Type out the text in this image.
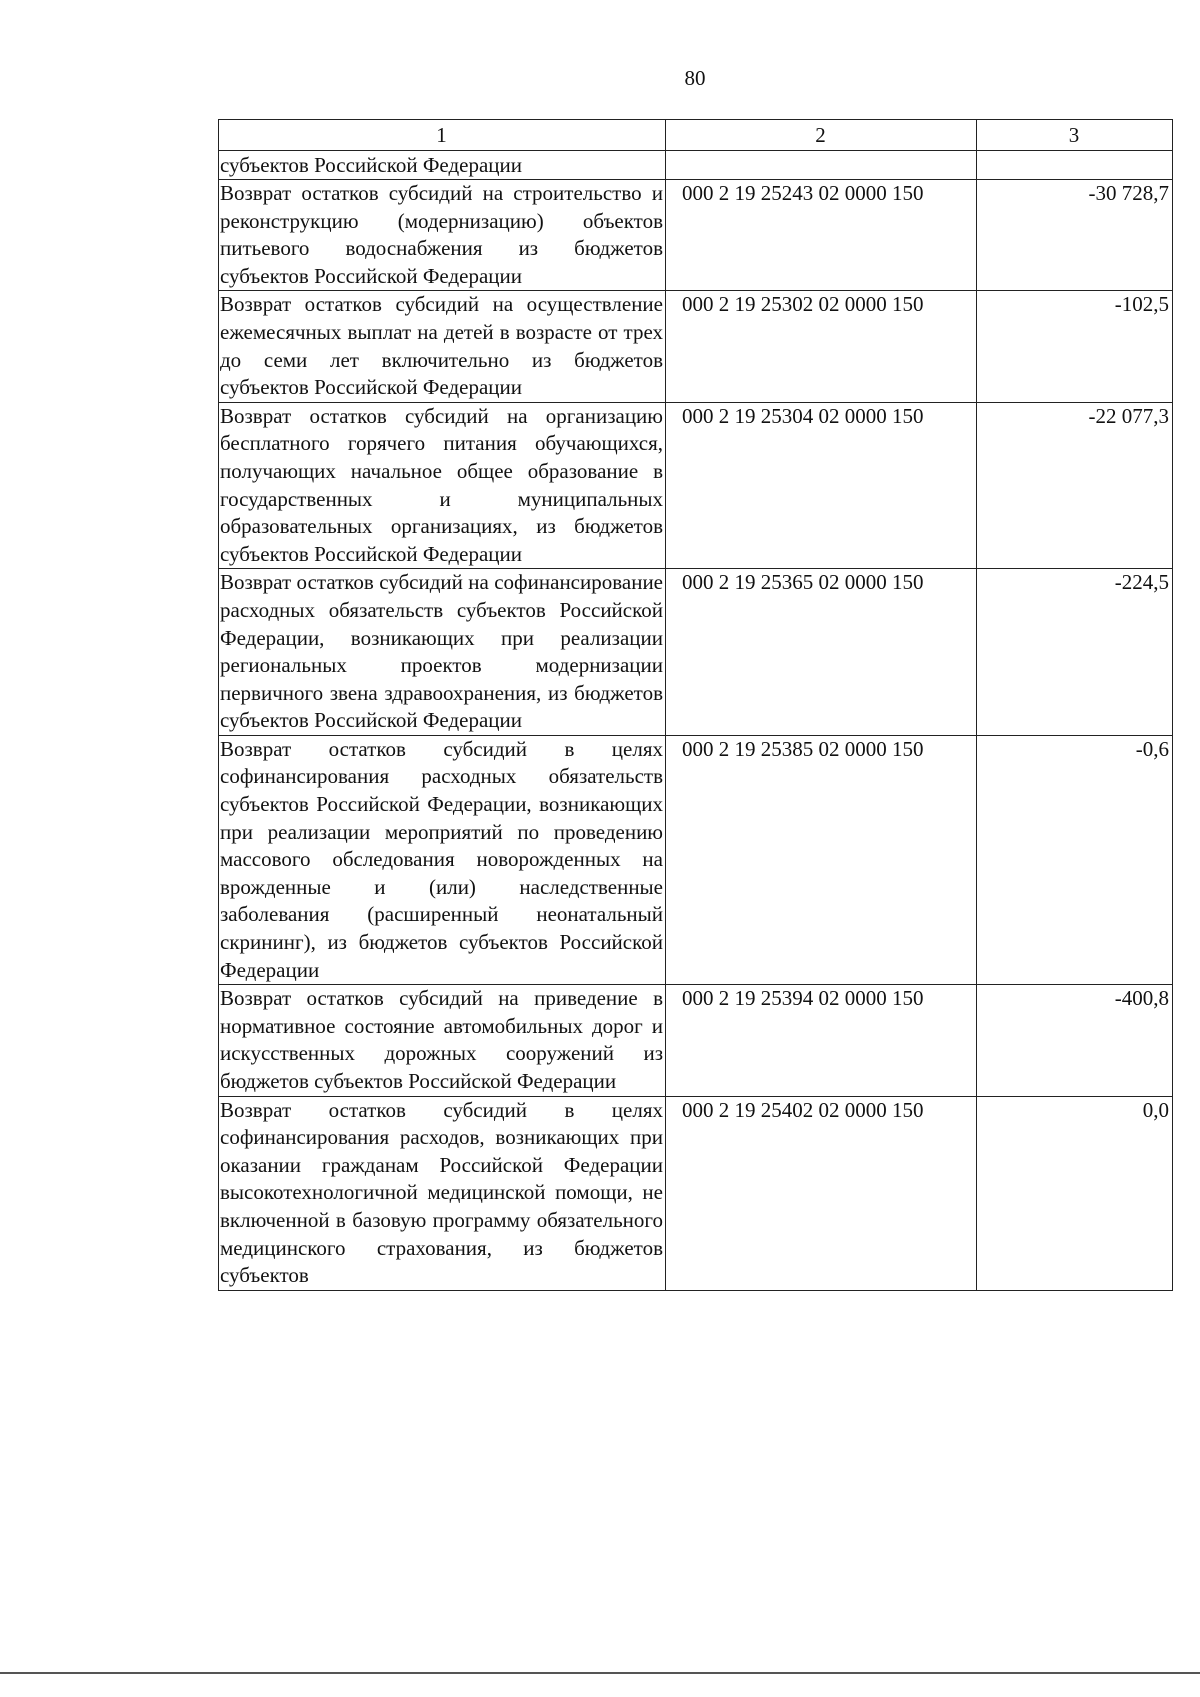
80
1	2	3
субъектов Российской Федерации		
Возврат остатков субсидий на строительство и реконструкцию (модернизацию) объектов питьевого водоснабжения из бюджетов субъектов Российской Федерации	000 2 19 25243 02 0000 150	-30 728,7
Возврат остатков субсидий на осуществление ежемесячных выплат на детей в возрасте от трех до семи лет включительно из бюджетов субъектов Российской Федерации	000 2 19 25302 02 0000 150	-102,5
Возврат остатков субсидий на организацию бесплатного горячего питания обучающихся, получающих начальное общее образование в государственных и муниципальных образовательных организациях, из бюджетов субъектов Российской Федерации	000 2 19 25304 02 0000 150	-22 077,3
Возврат остатков субсидий на софинансирование расходных обязательств субъектов Российской Федерации, возникающих при реализации региональных проектов модернизации первичного звена здравоохранения, из бюджетов субъектов Российской Федерации	000 2 19 25365 02 0000 150	-224,5
Возврат остатков субсидий в целях софинансирования расходных обязательств субъектов Российской Федерации, возникающих при реализации мероприятий по проведению массового обследования новорожденных на врожденные и (или) наследственные заболевания (расширенный неонатальный скрининг), из бюджетов субъектов Российской Федерации	000 2 19 25385 02 0000 150	-0,6
Возврат остатков субсидий на приведение в нормативное состояние автомобильных дорог и искусственных дорожных сооружений из бюджетов субъектов Российской Федерации	000 2 19 25394 02 0000 150	-400,8
Возврат остатков субсидий в целях софинансирования расходов, возникающих при оказании гражданам Российской Федерации высокотехнологичной медицинской помощи, не включенной в базовую программу обязательного медицинского страхования, из бюджетов субъектов	000 2 19 25402 02 0000 150	0,0
